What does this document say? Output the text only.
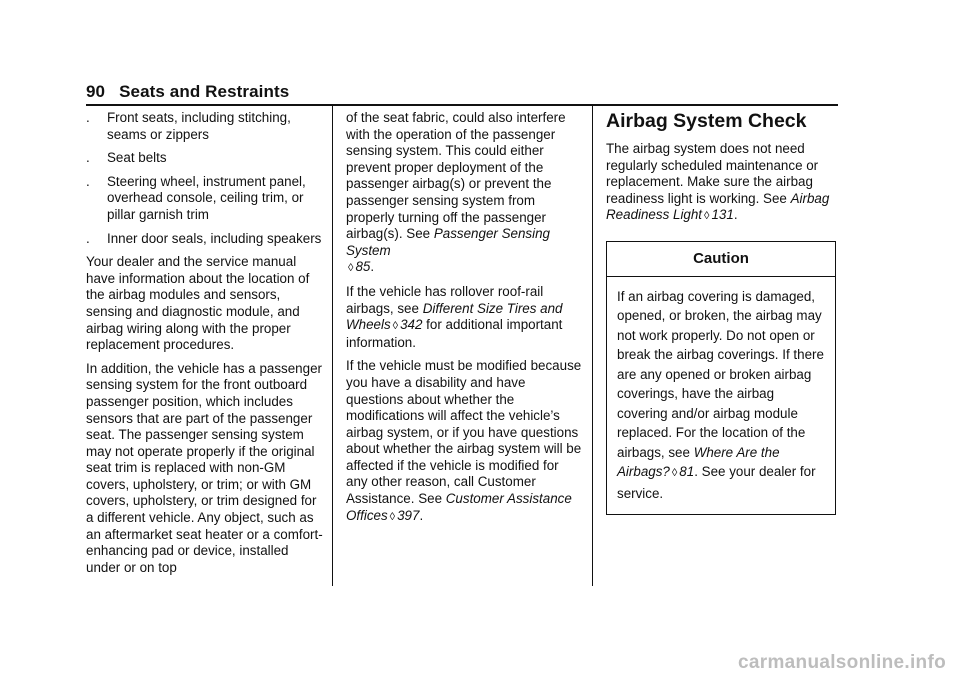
90 Seats and Restraints
. Front seats, including stitching, seams or zippers
. Seat belts
. Steering wheel, instrument panel, overhead console, ceiling trim, or pillar garnish trim
. Inner door seals, including speakers

Your dealer and the service manual have information about the location of the airbag modules and sensors, sensing and diagnostic module, and airbag wiring along with the proper replacement procedures.

In addition, the vehicle has a passenger sensing system for the front outboard passenger position, which includes sensors that are part of the passenger seat. The passenger sensing system may not operate properly if the original seat trim is replaced with non-GM covers, upholstery, or trim; or with GM covers, upholstery, or trim designed for a different vehicle. Any object, such as an aftermarket seat heater or a comfort-enhancing pad or device, installed under or on top

of the seat fabric, could also interfere with the operation of the passenger sensing system. This could either prevent proper deployment of the passenger airbag(s) or prevent the passenger sensing system from properly turning off the passenger airbag(s). See Passenger Sensing System
◊ 85.

If the vehicle has rollover roof-rail airbags, see Different Size Tires and Wheels ◊ 342 for additional important information.

If the vehicle must be modified because you have a disability and have questions about whether the modifications will affect the vehicle’s airbag system, or if you have questions about whether the airbag system will be affected if the vehicle is modified for any other reason, call Customer Assistance. See Customer Assistance Offices ◊ 397.

Airbag System Check

The airbag system does not need regularly scheduled maintenance or replacement. Make sure the airbag readiness light is working. See Airbag Readiness Light ◊ 131.

Caution
If an airbag covering is damaged, opened, or broken, the airbag may not work properly. Do not open or break the airbag coverings. If there are any opened or broken airbag coverings, have the airbag covering and/or airbag module replaced. For the location of the airbags, see Where Are the Airbags? ◊ 81. See your dealer for service.
carmanualsonline.info
